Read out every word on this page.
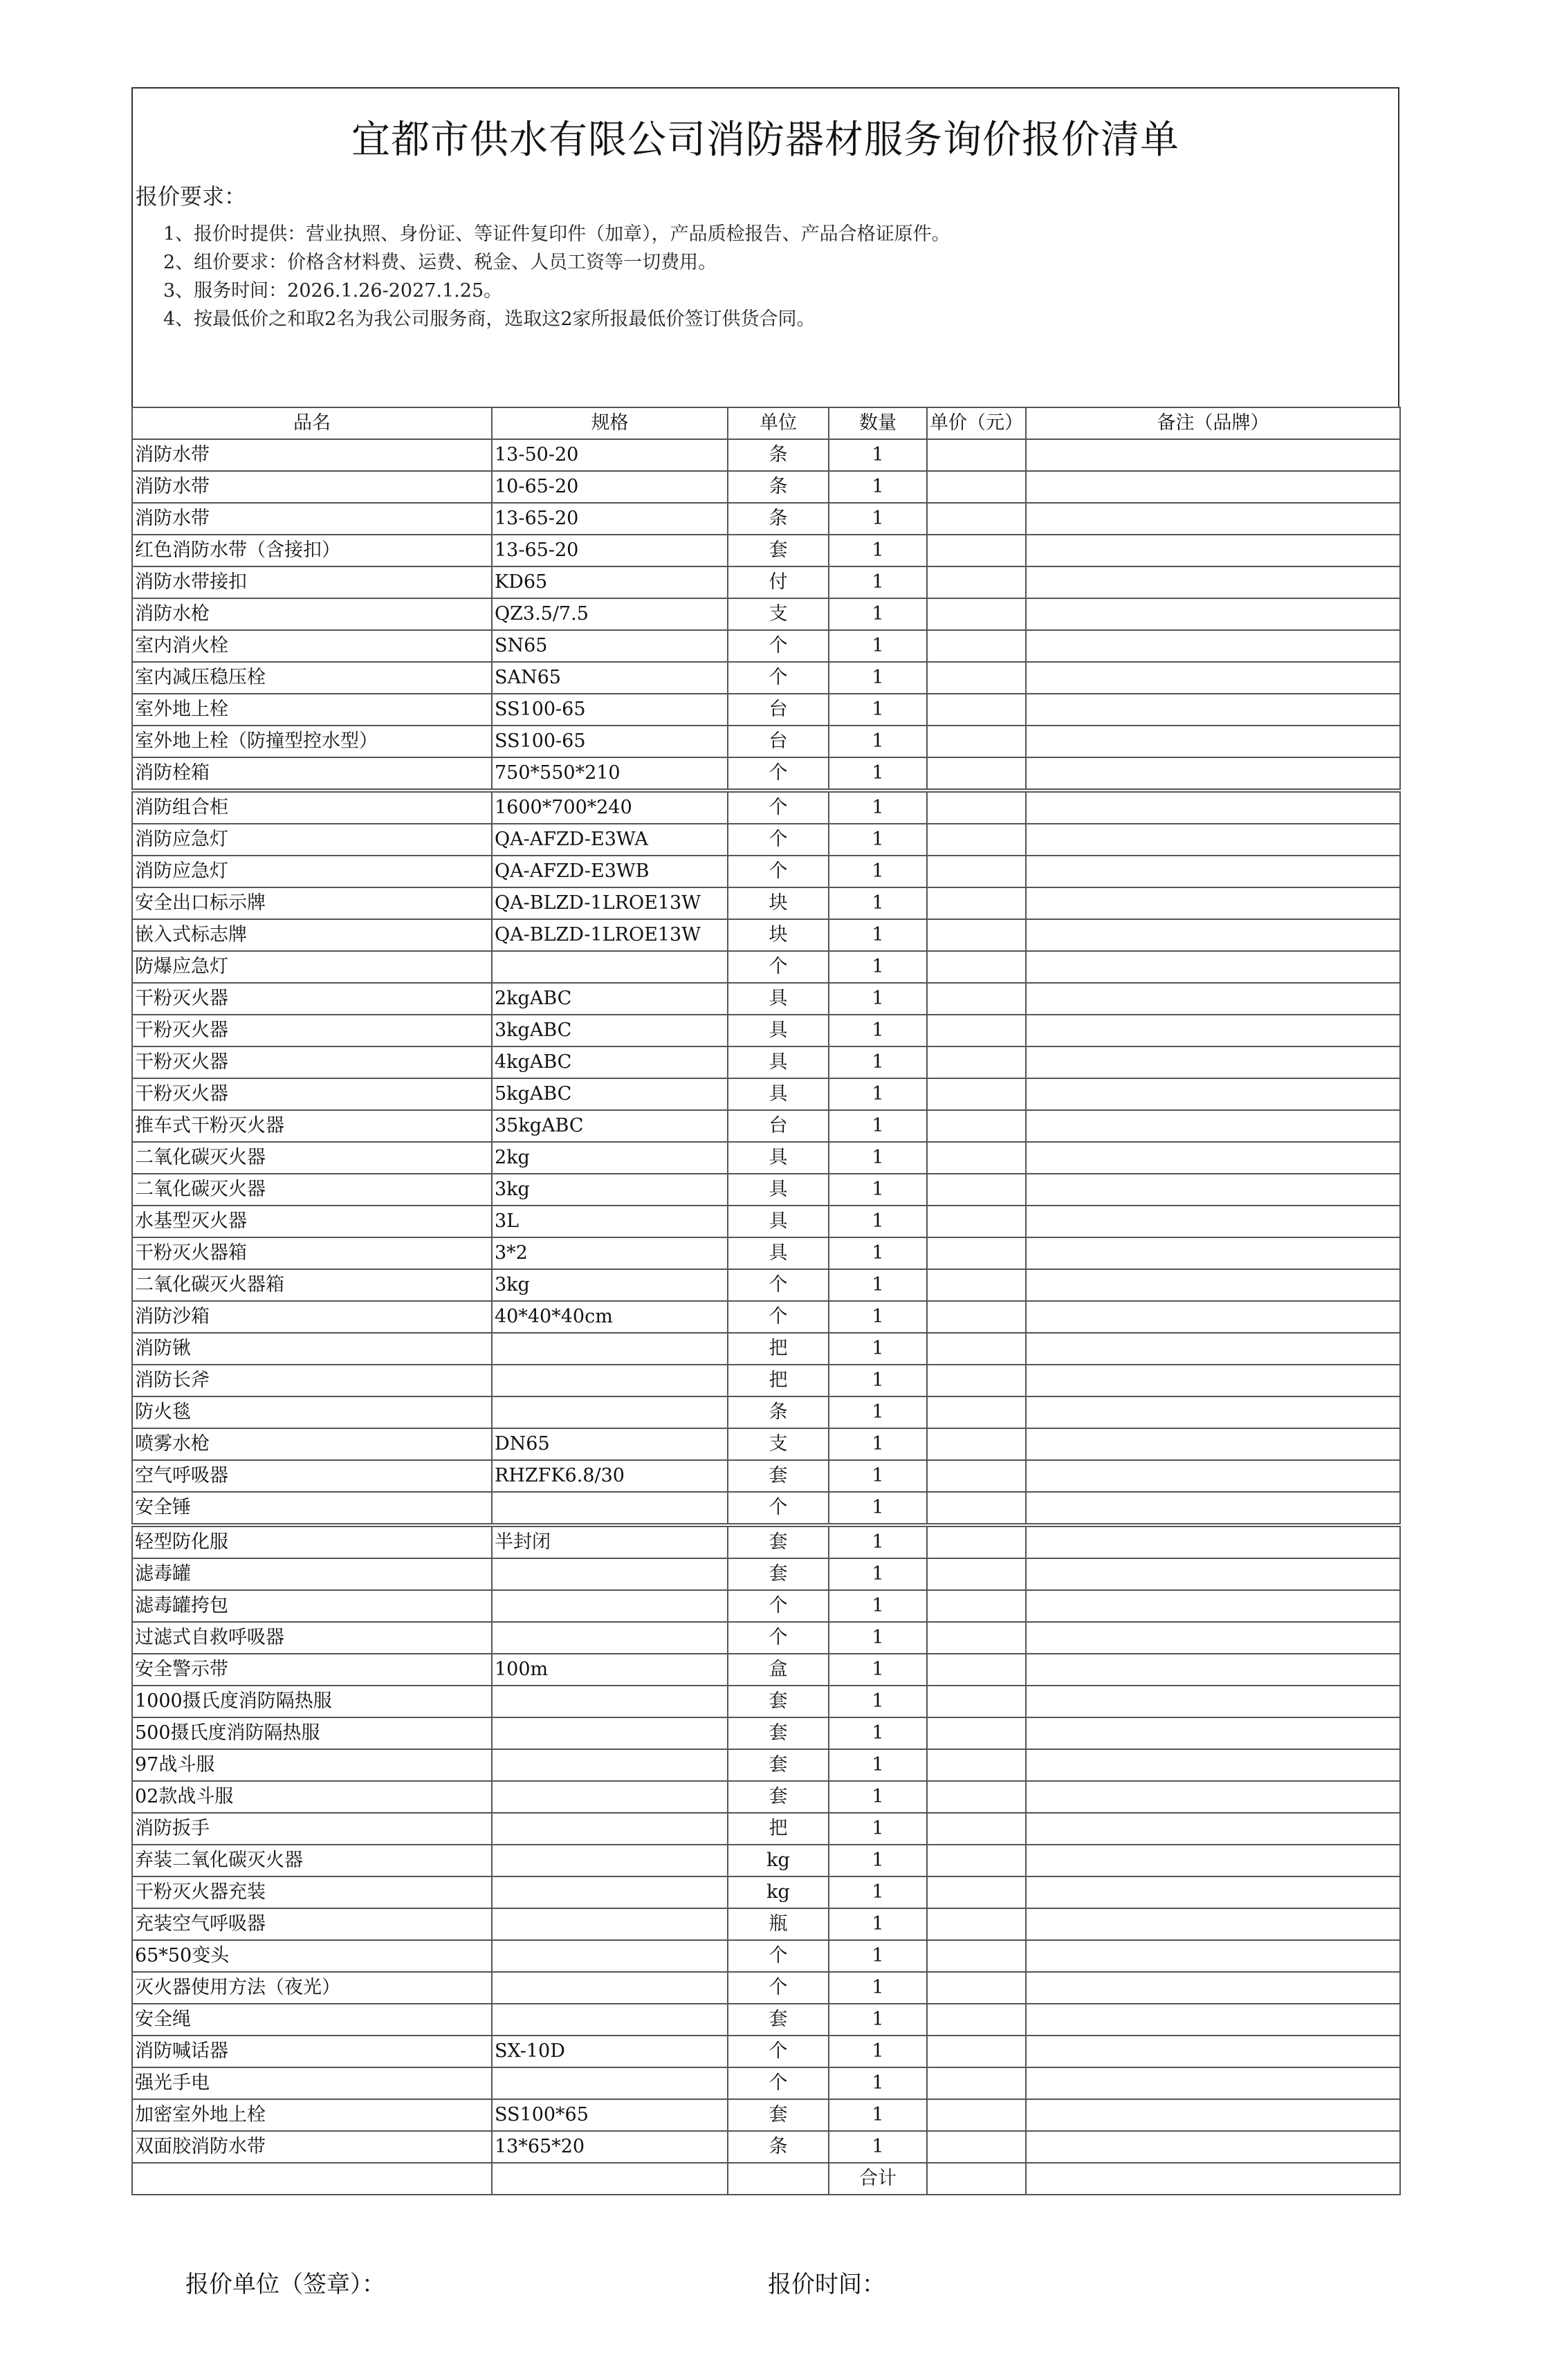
宜都市供水有限公司消防器材服务询价报价清单
报价要求：
1、报价时提供：营业执照、身份证、等证件复印件（加章），产品质检报告、产品合格证原件。
2、组价要求：价格含材料费、运费、税金、人员工资等一切费用。
3、服务时间：2026.1.26-2027.1.25。
4、按最低价之和取2名为我公司服务商，选取这2家所报最低价签订供货合同。
品名	规格	单位	数量	单价（元）	备注（品牌）
消防水带	13-50-20	条	1		
消防水带	10-65-20	条	1		
消防水带	13-65-20	条	1		
红色消防水带（含接扣）	13-65-20	套	1		
消防水带接扣	KD65	付	1		
消防水枪	QZ3.5/7.5	支	1		
室内消火栓	SN65	个	1		
室内减压稳压栓	SAN65	个	1		
室外地上栓	SS100-65	台	1		
室外地上栓（防撞型控水型）	SS100-65	台	1		
消防栓箱	750*550*210	个	1		
消防组合柜	1600*700*240	个	1		
消防应急灯	QA-AFZD-E3WA	个	1		
消防应急灯	QA-AFZD-E3WB	个	1		
安全出口标示牌	QA-BLZD-1LROE13W	块	1		
嵌入式标志牌	QA-BLZD-1LROE13W	块	1		
防爆应急灯		个	1		
干粉灭火器	2kgABC	具	1		
干粉灭火器	3kgABC	具	1		
干粉灭火器	4kgABC	具	1		
干粉灭火器	5kgABC	具	1		
推车式干粉灭火器	35kgABC	台	1		
二氧化碳灭火器	2kg	具	1		
二氧化碳灭火器	3kg	具	1		
水基型灭火器	3L	具	1		
干粉灭火器箱	3*2	具	1		
二氧化碳灭火器箱	3kg	个	1		
消防沙箱	40*40*40cm	个	1		
消防锹		把	1		
消防长斧		把	1		
防火毯		条	1		
喷雾水枪	DN65	支	1		
空气呼吸器	RHZFK6.8/30	套	1		
安全锤		个	1		
轻型防化服	半封闭	套	1		
滤毒罐		套	1		
滤毒罐挎包		个	1		
过滤式自救呼吸器		个	1		
安全警示带	100m	盒	1		
1000摄氏度消防隔热服		套	1		
500摄氏度消防隔热服		套	1		
97战斗服		套	1		
02款战斗服		套	1		
消防扳手		把	1		
弃装二氧化碳灭火器		kg	1		
干粉灭火器充装		kg	1		
充装空气呼吸器		瓶	1		
65*50变头		个	1		
灭火器使用方法（夜光）		个	1		
安全绳		套	1		
消防喊话器	SX-10D	个	1		
强光手电		个	1		
加密室外地上栓	SS100*65	套	1		
双面胶消防水带	13*65*20	条	1		
			合计		
报价单位（签章）：	报价时间：
